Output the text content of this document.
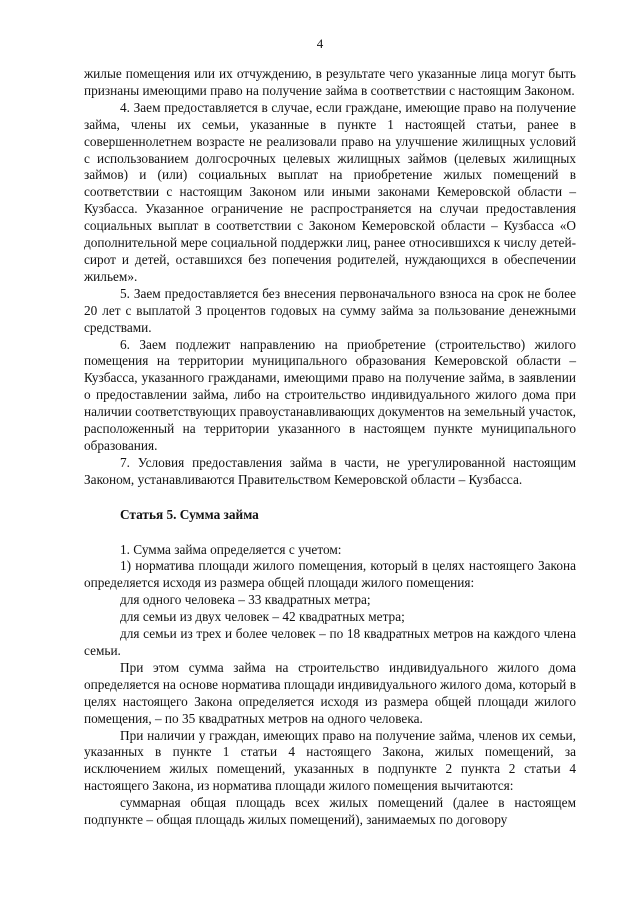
4

жилые помещения или их отчуждению, в результате чего указанные лица могут быть признаны имеющими право на получение займа в соответствии с настоящим Законом.

4. Заем предоставляется в случае, если граждане, имеющие право на получение займа, члены их семьи, указанные в пункте 1 настоящей статьи, ранее в совершеннолетнем возрасте не реализовали право на улучшение жилищных условий с использованием долгосрочных целевых жилищных займов (целевых жилищных займов) и (или) социальных выплат на приобретение жилых помещений в соответствии с настоящим Законом или иными законами Кемеровской области – Кузбасса. Указанное ограничение не распространяется на случаи предоставления социальных выплат в соответствии с Законом Кемеровской области – Кузбасса «О дополнительной мере социальной поддержки лиц, ранее относившихся к числу детей-сирот и детей, оставшихся без попечения родителей, нуждающихся в обеспечении жильем».

5. Заем предоставляется без внесения первоначального взноса на срок не более 20 лет с выплатой 3 процентов годовых на сумму займа за пользование денежными средствами.

6. Заем подлежит направлению на приобретение (строительство) жилого помещения на территории муниципального образования Кемеровской области – Кузбасса, указанного гражданами, имеющими право на получение займа, в заявлении о предоставлении займа, либо на строительство индивидуального жилого дома при наличии соответствующих правоустанавливающих документов на земельный участок, расположенный на территории указанного в настоящем пункте муниципального образования.

7. Условия предоставления займа в части, не урегулированной настоящим Законом, устанавливаются Правительством Кемеровской области – Кузбасса.

Статья 5. Сумма займа

1. Сумма займа определяется с учетом:

1) норматива площади жилого помещения, который в целях настоящего Закона определяется исходя из размера общей площади жилого помещения:

для одного человека – 33 квадратных метра;

для семьи из двух человек – 42 квадратных метра;

для семьи из трех и более человек – по 18 квадратных метров на каждого члена семьи.

При этом сумма займа на строительство индивидуального жилого дома определяется на основе норматива площади индивидуального жилого дома, который в целях настоящего Закона определяется исходя из размера общей площади жилого помещения, – по 35 квадратных метров на одного человека.

При наличии у граждан, имеющих право на получение займа, членов их семьи, указанных в пункте 1 статьи 4 настоящего Закона, жилых помещений, за исключением жилых помещений, указанных в подпункте 2 пункта 2 статьи 4 настоящего Закона, из норматива площади жилого помещения вычитаются:

суммарная общая площадь всех жилых помещений (далее в настоящем подпункте – общая площадь жилых помещений), занимаемых по договору
